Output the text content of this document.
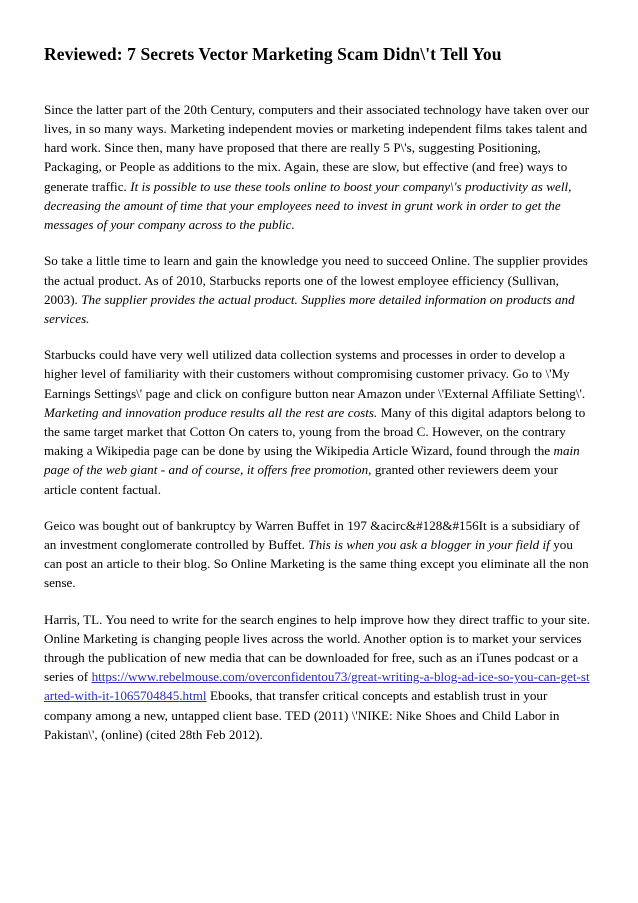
Reviewed: 7 Secrets Vector Marketing Scam Didn\'t Tell You

Since the latter part of the 20th Century, computers and their associated technology have taken over our lives, in so many ways. Marketing independent movies or marketing independent films takes talent and hard work. Since then, many have proposed that there are really 5 P\'s, suggesting Positioning, Packaging, or People as additions to the mix. Again, these are slow, but effective (and free) ways to generate traffic. It is possible to use these tools online to boost your company\'s productivity as well, decreasing the amount of time that your employees need to invest in grunt work in order to get the messages of your company across to the public.

So take a little time to learn and gain the knowledge you need to succeed Online. The supplier provides the actual product. As of 2010, Starbucks reports one of the lowest employee efficiency (Sullivan, 2003). The supplier provides the actual product. Supplies more detailed information on products and services.

Starbucks could have very well utilized data collection systems and processes in order to develop a higher level of familiarity with their customers without compromising customer privacy. Go to \'My Earnings Settings\' page and click on configure button near Amazon under \'External Affiliate Setting\'. Marketing and innovation produce results all the rest are costs. Many of this digital adaptors belong to the same target market that Cotton On caters to, young from the broad C. However, on the contrary making a Wikipedia page can be done by using the Wikipedia Article Wizard, found through the main page of the web giant - and of course, it offers free promotion, granted other reviewers deem your article content factual.

Geico was bought out of bankruptcy by Warren Buffet in 197 &acirc&#128&#156It is a subsidiary of an investment conglomerate controlled by Buffet. This is when you ask a blogger in your field if you can post an article to their blog. So Online Marketing is the same thing except you eliminate all the non sense.

Harris, TL. You need to write for the search engines to help improve how they direct traffic to your site. Online Marketing is changing people lives across the world. Another option is to market your services through the publication of new media that can be downloaded for free, such as an iTunes podcast or a series of https://www.rebelmouse.com/overconfidentou73/great-writing-a-blog-ad-ice-so-you-can-get-started-with-it-1065704845.html Ebooks, that transfer critical concepts and establish trust in your company among a new, untapped client base. TED (2011) \'NIKE: Nike Shoes and Child Labor in Pakistan\', (online) (cited 28th Feb 2012).
